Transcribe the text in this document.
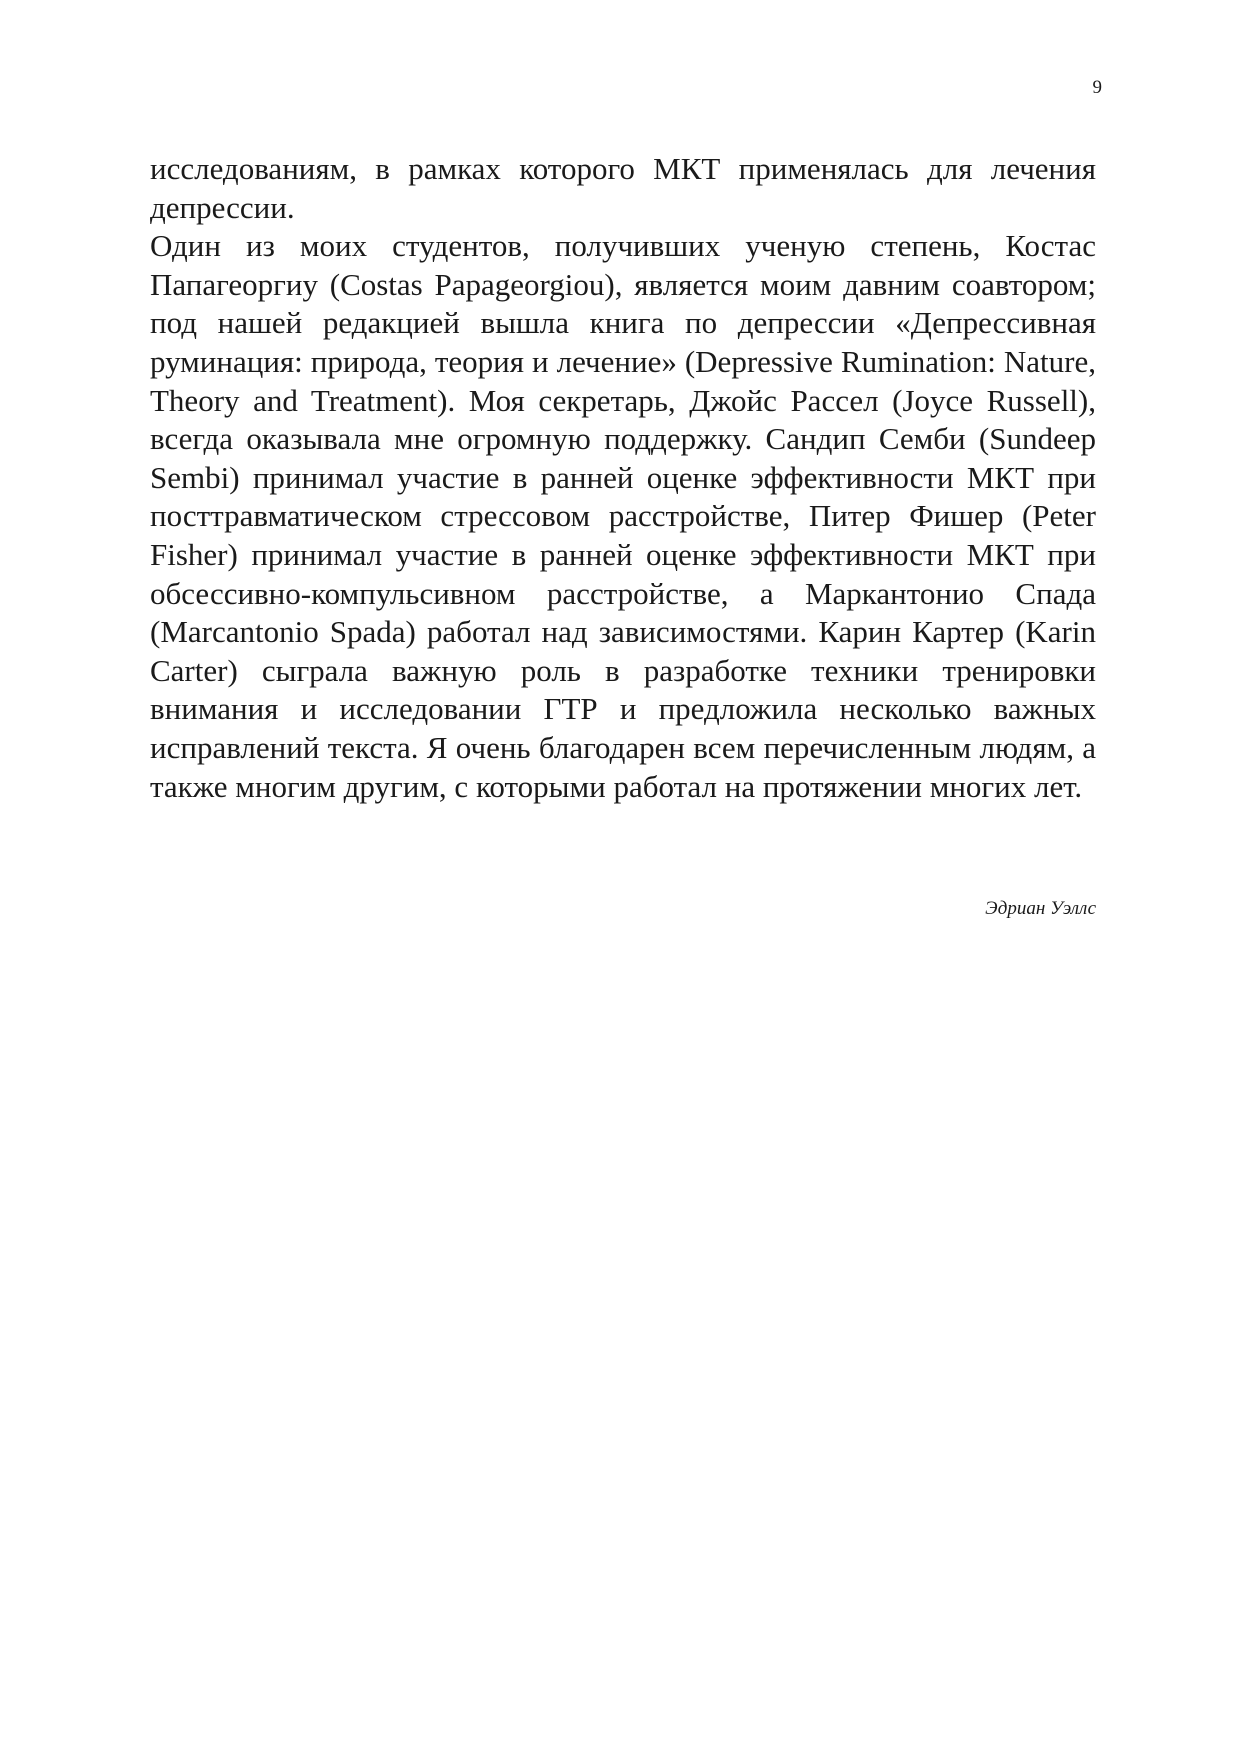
9

исследованиям, в рамках которого МКТ применялась для лечения депрессии.

Один из моих студентов, получивших ученую степень, Костас Папагеоргиу (Costas Papageorgiou), является моим давним соавтором; под нашей редакцией вышла книга по депрессии «Депрессивная руминация: природа, теория и лечение» (Depressive Rumination: Nature, Theory and Treatment). Моя секретарь, Джойс Рассел (Joyce Russell), всегда оказывала мне огромную поддержку. Сандип Семби (Sundeep Sembi) принимал участие в ранней оценке эффективности МКТ при посттравматическом стрессовом расстройстве, Питер Фишер (Peter Fisher) принимал участие в ранней оценке эффективности МКТ при обсессивно-компульсивном расстройстве, а Маркантонио Спада (Marcantonio Spada) работал над зависимостями. Карин Картер (Karin Carter) сыграла важную роль в разработке техники тренировки внимания и исследовании ГТР и предложила несколько важных исправлений текста. Я очень благодарен всем перечисленным людям, а также многим другим, с которыми работал на протяжении многих лет.

Эдриан Уэллс
